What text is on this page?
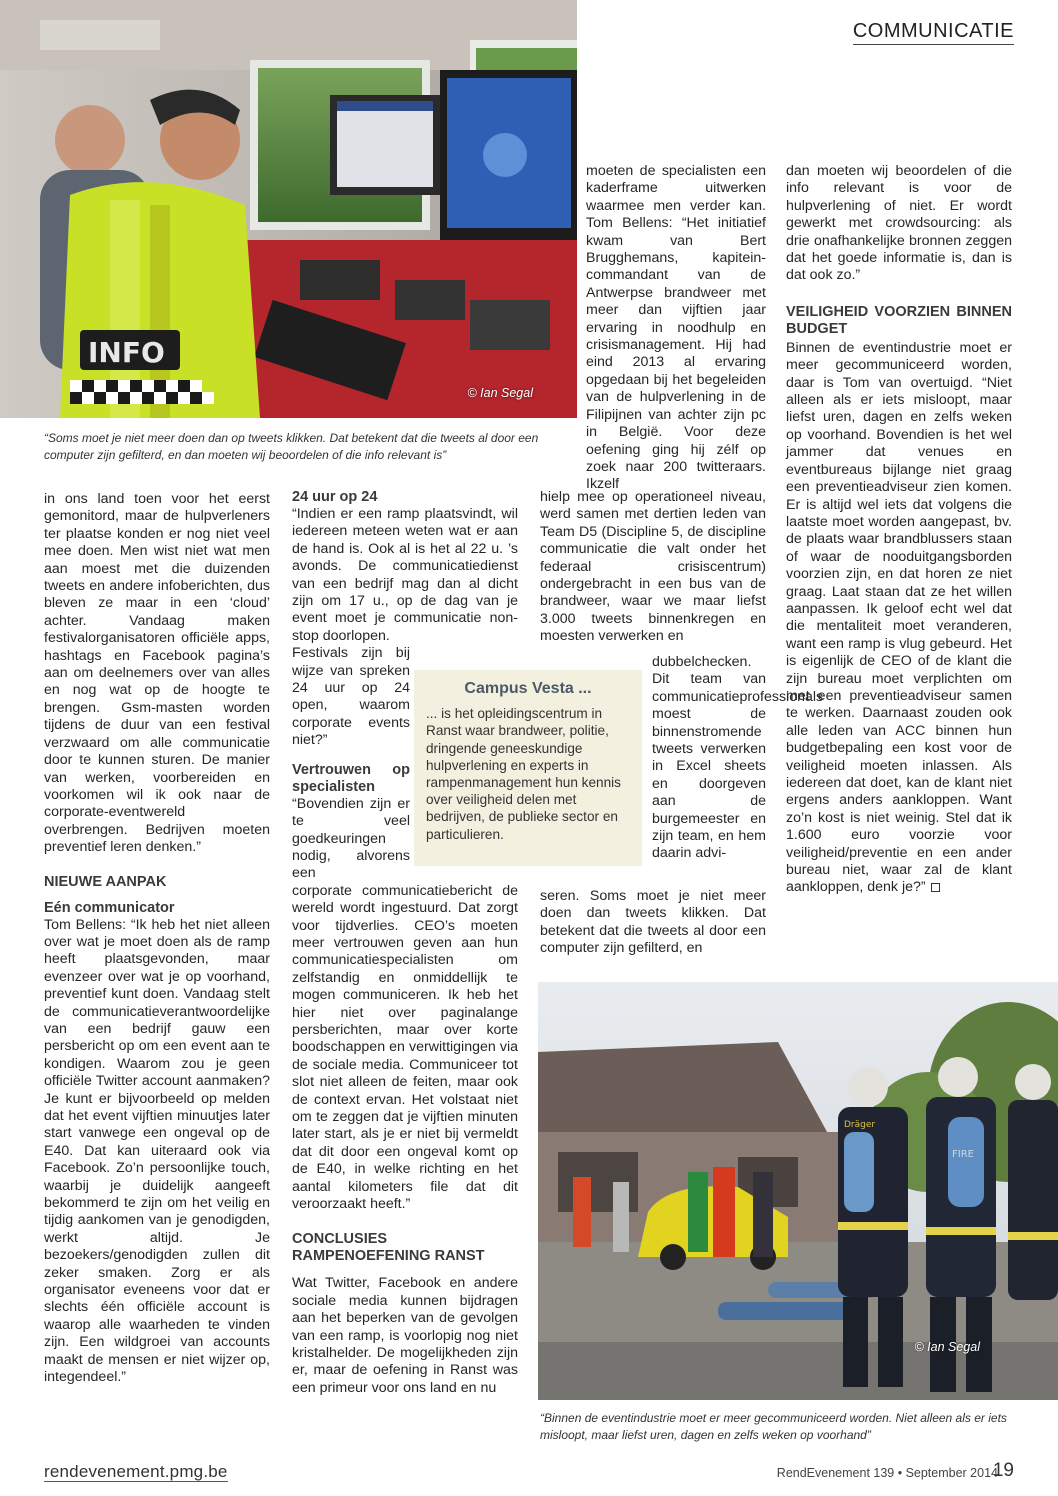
COMMUNICATIE
INFO
© Ian Segal
“Soms moet je niet meer doen dan op tweets klikken. Dat betekent dat die tweets al door een computer zijn gefilterd, en dan moeten wij beoordelen of die info relevant is”

in ons land toen voor het eerst gemonitord, maar de hulpverleners ter plaatse konden er nog niet veel mee doen. Men wist niet wat men aan moest met die duizenden tweets en andere infoberichten, dus bleven ze maar in een ‘cloud’ achter. Vandaag maken festivalorganisatoren officiële apps, hashtags en Facebook pagina’s aan om deelnemers over van alles en nog wat op de hoogte te brengen. Gsm-masten worden tijdens de duur van een festival verzwaard om alle communicatie door te kunnen sturen. De manier van werken, voorbereiden en voorkomen wil ik ook naar de corporate-eventwereld overbrengen. Bedrijven moeten preventief leren denken.”

NIEUWE AANPAK
Eén communicator

Tom Bellens: “Ik heb het niet alleen over wat je moet doen als de ramp heeft plaatsgevonden, maar evenzeer over wat je op voorhand, preventief kunt doen. Vandaag stelt de communicatieverantwoordelijke van een bedrijf gauw een persbericht op om een event aan te kondigen. Waarom zou je geen officiële Twitter account aanmaken? Je kunt er bijvoorbeeld op melden dat het event vijftien minuutjes later start vanwege een ongeval op de E40. Dat kan uiteraard ook via Facebook. Zo’n persoonlijke touch, waarbij je duidelijk aangeeft bekommerd te zijn om het veilig en tijdig aankomen van je genodigden, werkt altijd. Je bezoekers/genodigden zullen dit zeker smaken. Zorg er als organisator eveneens voor dat er slechts één officiële account is waarop alle waarheden te vinden zijn. Een wildgroei van accounts maakt de mensen er niet wijzer op, integendeel.”

24 uur op 24

“Indien er een ramp plaatsvindt, wil iedereen meteen weten wat er aan de hand is. Ook al is het al 22 u. ’s avonds. De communicatiedienst van een bedrijf mag dan al dicht zijn om 17 u., op de dag van je event moet je communicatie non-stop doorlopen.

Festivals zijn bij wijze van spreken 24 uur op 24 open, waarom corporate events niet?”

Vertrouwen op specialisten

“Bovendien zijn er te veel goedkeuringen nodig, alvorens een

corporate communicatiebericht de wereld wordt ingestuurd. Dat zorgt voor tijdverlies. CEO’s moeten meer vertrouwen geven aan hun communicatiespecialisten om zelfstandig en onmiddellijk te mogen communiceren. Ik heb het hier niet over paginalange persberichten, maar over korte boodschappen en verwittigingen via de sociale media. Communiceer tot slot niet alleen de feiten, maar ook de context ervan. Het volstaat niet om te zeggen dat je vijftien minuten later start, als je er niet bij vermeldt dat dit door een ongeval komt op de E40, in welke richting en het aantal kilometers file dat dit veroorzaakt heeft.”

CONCLUSIES RAMPENOEFENING RANST

Wat Twitter, Facebook en andere sociale media kunnen bijdragen aan het beperken van de gevolgen van een ramp, is voorlopig nog niet kristalhelder. De mogelijkheden zijn er, maar de oefening in Ranst was een primeur voor ons land en nu

moeten de specialisten een kaderframe uitwerken waarmee men verder kan. Tom Bellens: “Het initiatief kwam van Bert Brugghemans, kapitein-commandant van de Antwerpse brandweer met meer dan vijftien jaar ervaring in noodhulp en crisismanagement. Hij had eind 2013 al ervaring opgedaan bij het begeleiden van de hulpverlening in de Filipijnen van achter zijn pc in België. Voor deze oefening ging hij zélf op zoek naar 200 twitteraars. Ikzelf

hielp mee op operationeel niveau, werd samen met dertien leden van Team D5 (Discipline 5, de discipline communicatie die valt onder het federaal crisiscentrum) ondergebracht in een bus van de brandweer, waar we maar liefst 3.000 tweets binnenkregen en moesten verwerken en

dubbelchecken. Dit team van communicatieprofessionals moest de binnenstromende tweets verwerken in Excel sheets en doorgeven aan de burgemeester en zijn team, en hem daarin advi-

seren. Soms moet je niet meer doen dan tweets klikken. Dat betekent dat die tweets al door een computer zijn gefilterd, en

Campus Vesta ...
... is het opleidingscentrum in Ranst waar brandweer, politie, dringende geneeskundige hulpverlening en experts in rampenmanagement hun kennis over veiligheid delen met bedrijven, de publieke sector en particulieren.

dan moeten wij beoordelen of die info relevant is voor de hulpverlening of niet. Er wordt gewerkt met crowdsourcing: als drie onafhankelijke bronnen zeggen dat het goede informatie is, dan is dat ook zo.”

VEILIGHEID VOORZIEN BINNEN BUDGET

Binnen de eventindustrie moet er meer gecommuniceerd worden, daar is Tom van overtuigd. “Niet alleen als er iets misloopt, maar liefst uren, dagen en zelfs weken op voorhand. Bovendien is het wel jammer dat venues en eventbureaus bijlange niet graag een preventieadviseur zien komen. Er is altijd wel iets dat volgens die laatste moet worden aangepast, bv. de plaats waar brandblussers staan of waar de nooduitgangsborden voorzien zijn, en dat horen ze niet graag. Laat staan dat ze het willen aanpassen. Ik geloof echt wel dat die mentaliteit moet veranderen, want een ramp is vlug gebeurd. Het is eigenlijk de CEO of de klant die zijn bureau moet verplichten om met een preventieadviseur samen te werken. Daarnaast zouden ook alle leden van ACC binnen hun budgetbepaling een kost voor de veiligheid moeten inlassen. Als iedereen dat doet, kan de klant niet ergens anders aankloppen. Want zo’n kost is niet weinig. Stel dat ik 1.600 euro voorzie voor veiligheid/preventie en een ander bureau niet, waar zal de klant aankloppen, denk je?”

Dräger
FIRE
© Ian Segal
“Binnen de eventindustrie moet er meer gecommuniceerd worden. Niet alleen als er iets misloopt, maar liefst uren, dagen en zelfs weken op voorhand”
rendevenement.pmg.be	RendEvenement 139 • September 2014
19
